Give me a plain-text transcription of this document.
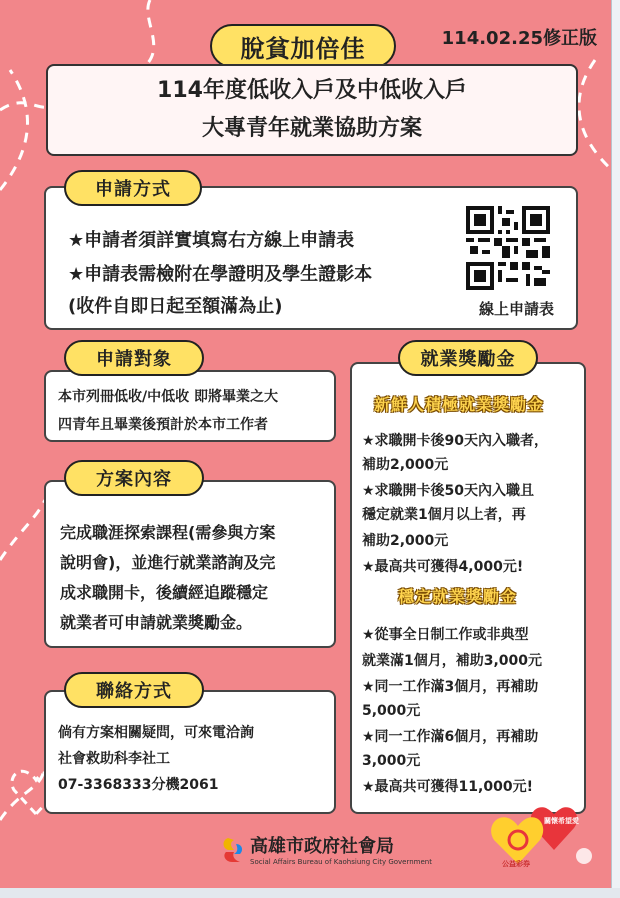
脫貧加倍佳	114.02.25修正版
114年度低收入戶及中低收入戶
大專青年就業協助方案
★申請者須詳實填寫右方線上申請表
★申請表需檢附在學證明及學生證影本
(收件自即日起至額滿為止)	線上申請表
申請方式
本市列冊低收/中低收 即將畢業之大
四青年且畢業後預計於本市工作者
申請對象
完成職涯探索課程(需參與方案
說明會)，並進行就業諮詢及完
成求職開卡，後續經追蹤穩定
就業者可申請就業獎勵金。
方案內容
倘有方案相關疑問，可來電洽詢
社會救助科李社工
07-3368333分機2061
聯絡方式
新鮮人積極就業獎勵金
★求職開卡後90天內入職者，
補助2,000元
★求職開卡後50天內入職且
穩定就業1個月以上者，再
補助2,000元
★最高共可獲得4,000元!
穩定就業獎勵金
★從事全日制工作或非典型
就業滿1個月，補助3,000元
★同一工作滿3個月，再補助
5,000元
★同一工作滿6個月，再補助
3,000元
★最高共可獲得11,000元!
就業獎勵金
高雄市政府社會局
Social Affairs Bureau of Kaohsiung City Government
關懷希望愛
公益彩券
